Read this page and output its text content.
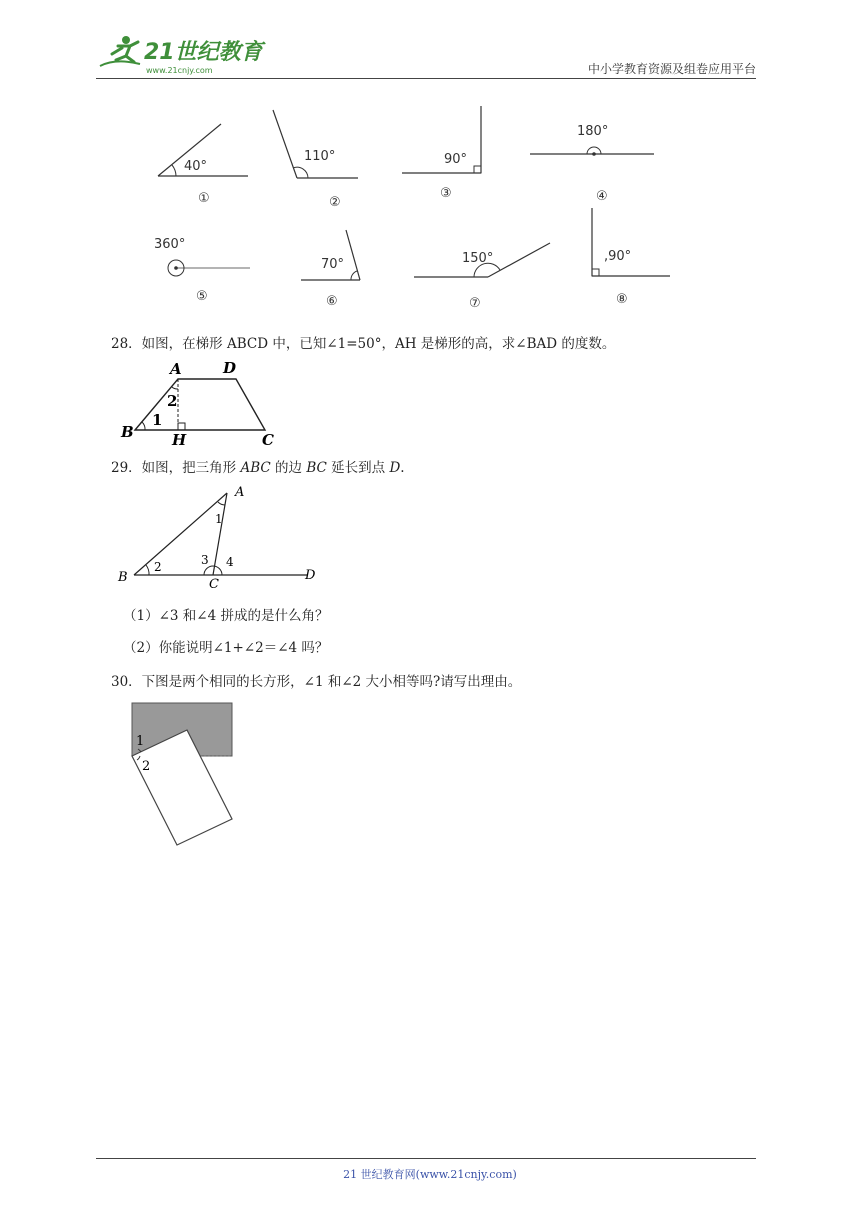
21世纪教育
www.21cnjy.com	中小学教育资源及组卷应用平台
40°
①
110°
②
90°
③
180°
④
360°
⑤
70°
⑥
150°
⑦
,90°
⑧
28．如图，在梯形 ABCD 中，已知∠1=50°，AH 是梯形的高，求∠BAD 的度数。
A	D
B	H	C
1
2
29．如图，把三角形 ABC 的边 BC 延长到点 D.
A
B	C
D
1
2	3 4
（1）∠3 和∠4 拼成的是什么角？
（2）你能说明∠1+∠2＝∠4 吗？
30．下图是两个相同的长方形，∠1 和∠2 大小相等吗?请写出理由。
1
2
21 世纪教育网(www.21cnjy.com)
